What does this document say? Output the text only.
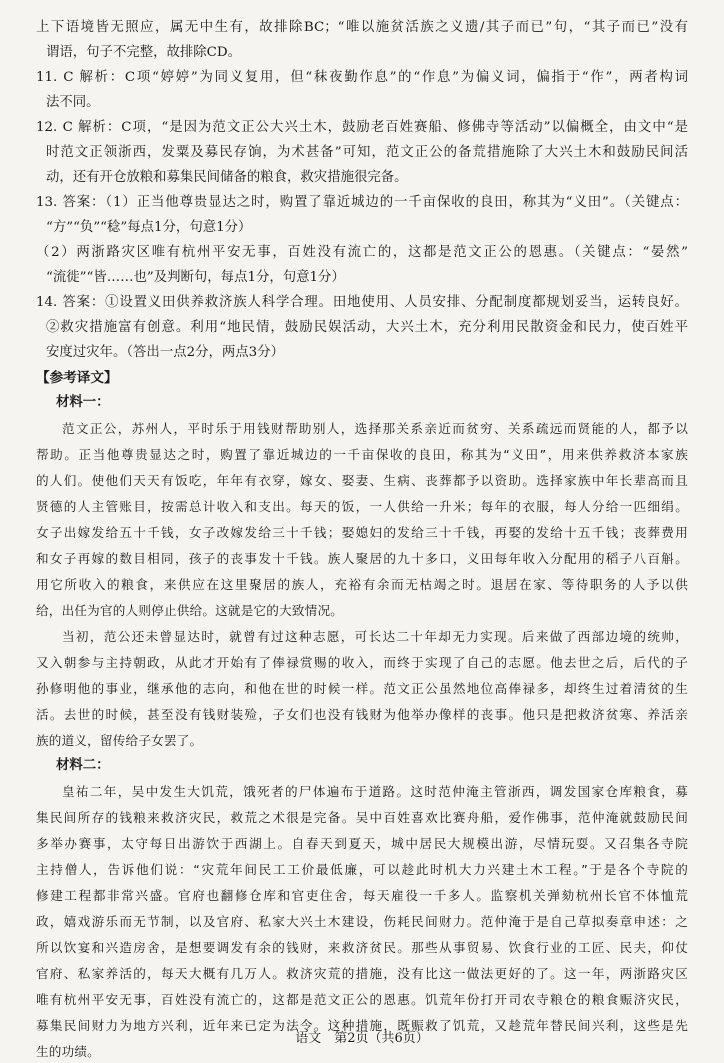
上下语境皆无照应，属无中生有，故排除BC；“唯以施贫活族之义遗/其子而已”句，“其子而已”没有
谓语，句子不完整，故排除CD。
11. C 解析：C项“婷婷”为同义复用，但“秣夜勤作息”的“作息”为偏义词，偏指于“作”，两者构词
法不同。
12. C 解析：C项，“是因为范文正公大兴土木，鼓励老百姓赛船、修佛寺等活动”以偏概全，由文中“是
时范文正领浙西，发粟及募民存饷，为术甚备”可知，范文正公的备荒措施除了大兴土木和鼓励民间活
动，还有开仓放粮和募集民间储备的粮食，救灾措施很完备。
13. 答案：（1）正当他尊贵显达之时，购置了靠近城边的一千亩保收的良田，称其为“义田”。（关键点：
“方”“负”“稔”每点1分，句意1分）
（2）两浙路灾区唯有杭州平安无事，百姓没有流亡的，这都是范文正公的恩惠。（关键点：“晏然”
“流徙”“皆……也”及判断句，每点1分，句意1分）
14. 答案：①设置义田供养救济族人科学合理。田地使用、人员安排、分配制度都规划妥当，运转良好。
②救灾措施富有创意。利用“地民情，鼓励民娱活动，大兴土木，充分利用民散资金和民力，使百姓平
安度过灾年。（答出一点2分，两点3分）
【参考译文】
材料一：
范文正公，苏州人，平时乐于用钱财帮助别人，选择那关系亲近而贫穷、关系疏远而贤能的人，都予以
帮助。正当他尊贵显达之时，购置了靠近城边的一千亩保收的良田，称其为“义田”，用来供养救济本家族
的人们。使他们天天有饭吃，年年有衣穿，嫁女、娶妻、生病、丧葬都予以资助。选择家族中年长辈高而且
贤德的人主管账目，按需总计收入和支出。每天的饭，一人供给一升米；每年的衣服，每人分给一匹细绢。
女子出嫁发给五十千钱，女子改嫁发给三十千钱；娶媳妇的发给三十千钱，再娶的发给十五千钱；丧葬费用
和女子再嫁的数目相同，孩子的丧事发十千钱。族人聚居的九十多口，义田每年收入分配用的稻子八百斛。
用它所收入的粮食，来供应在这里聚居的族人，充裕有余而无枯竭之时。退居在家、等待职务的人予以供
给，出任为官的人则停止供给。这就是它的大致情况。
当初，范公还未曾显达时，就曾有过这种志愿，可长达二十年却无力实现。后来做了西部边境的统帅，
又入朝参与主持朝政，从此才开始有了俸禄赏赐的收入，而终于实现了自己的志愿。他去世之后，后代的子
孙修明他的事业，继承他的志向，和他在世的时候一样。范文正公虽然地位高俸禄多，却终生过着清贫的生
活。去世的时候，甚至没有钱财装殓，子女们也没有钱财为他举办像样的丧事。他只是把救济贫寒、养活亲
族的道义，留传给子女罢了。
材料二：
皇祐二年，吴中发生大饥荒，饿死者的尸体遍布于道路。这时范仲淹主管浙西，调发国家仓库粮食，募
集民间所存的钱粮来救济灾民，救荒之术很是完备。吴中百姓喜欢比赛舟船，爱作佛事，范仲淹就鼓励民间
多举办赛事，太守每日出游饮于西湖上。自春天到夏天，城中居民大规模出游，尽情玩耍。又召集各寺院
主持僧人，告诉他们说：“灾荒年间民工工价最低廉，可以趁此时机大力兴建土木工程。”于是各个寺院的
修建工程都非常兴盛。官府也翻修仓库和官吏住舍，每天雇役一千多人。监察机关弹劾杭州长官不体恤荒
政，嬉戏游乐而无节制，以及官府、私家大兴土木建设，伤耗民间财力。范仲淹于是自己草拟奏章申述：之
所以饮宴和兴造房舍，是想要调发有余的钱财，来救济贫民。那些从事贸易、饮食行业的工匠、民夫，仰仗
官府、私家养活的，每天大概有几万人。救济灾荒的措施，没有比这一做法更好的了。这一年，两浙路灾区
唯有杭州平安无事，百姓没有流亡的，这都是范文正公的恩惠。饥荒年份打开司农寺粮仓的粮食赈济灾民，
募集民间财力为地方兴利，近年来已定为法令。这种措施，既赈救了饥荒，又趁荒年替民间兴利，这些是先
生的功绩。
语文　第2页（共6页）
